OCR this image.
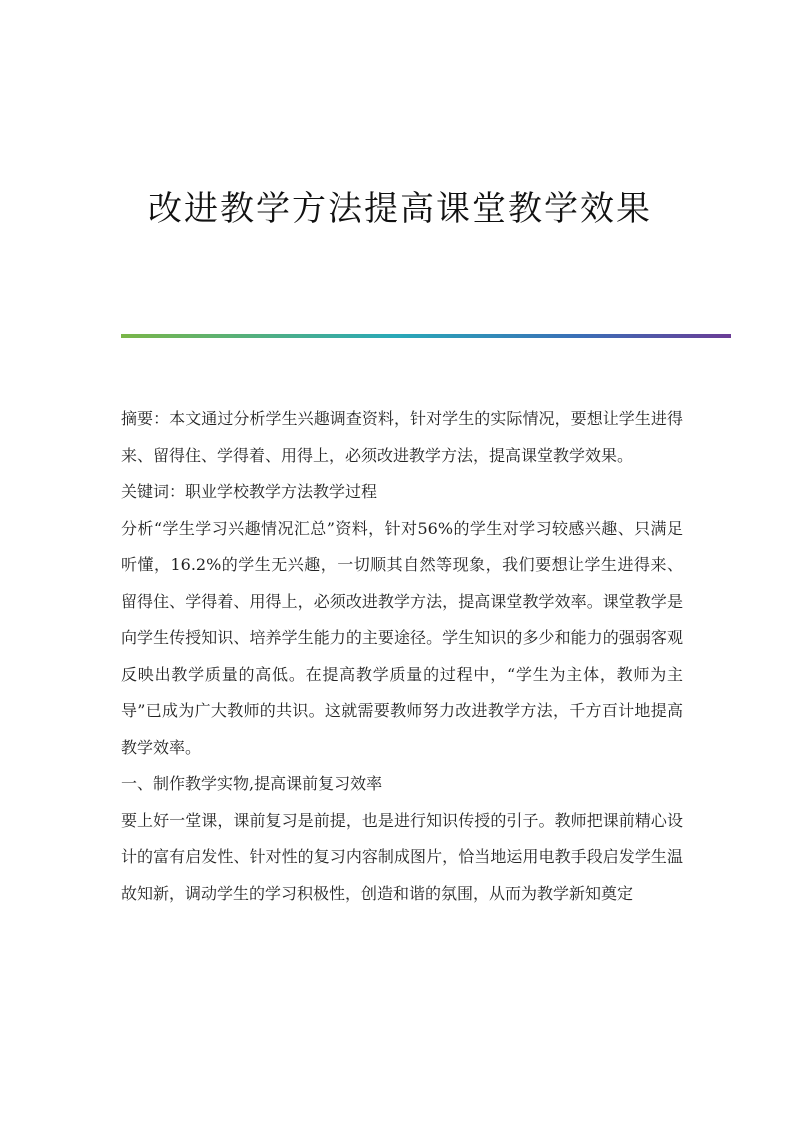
改进教学方法提高课堂教学效果

摘要：本文通过分析学生兴趣调查资料，针对学生的实际情况，要想让学生进得来、留得住、学得着、用得上，必须改进教学方法，提高课堂教学效果。

关键词：职业学校教学方法教学过程

分析“学生学习兴趣情况汇总”资料，针对56%的学生对学习较感兴趣、只满足听懂，16.2%的学生无兴趣，一切顺其自然等现象，我们要想让学生进得来、留得住、学得着、用得上，必须改进教学方法，提高课堂教学效率。课堂教学是向学生传授知识、培养学生能力的主要途径。学生知识的多少和能力的强弱客观反映出教学质量的高低。在提高教学质量的过程中，“学生为主体，教师为主导”已成为广大教师的共识。这就需要教师努力改进教学方法，千方百计地提高教学效率。

一、制作教学实物,提高课前复习效率

要上好一堂课，课前复习是前提，也是进行知识传授的引子。教师把课前精心设计的富有启发性、针对性的复习内容制成图片，恰当地运用电教手段启发学生温故知新，调动学生的学习积极性，创造和谐的氛围，从而为教学新知奠定
